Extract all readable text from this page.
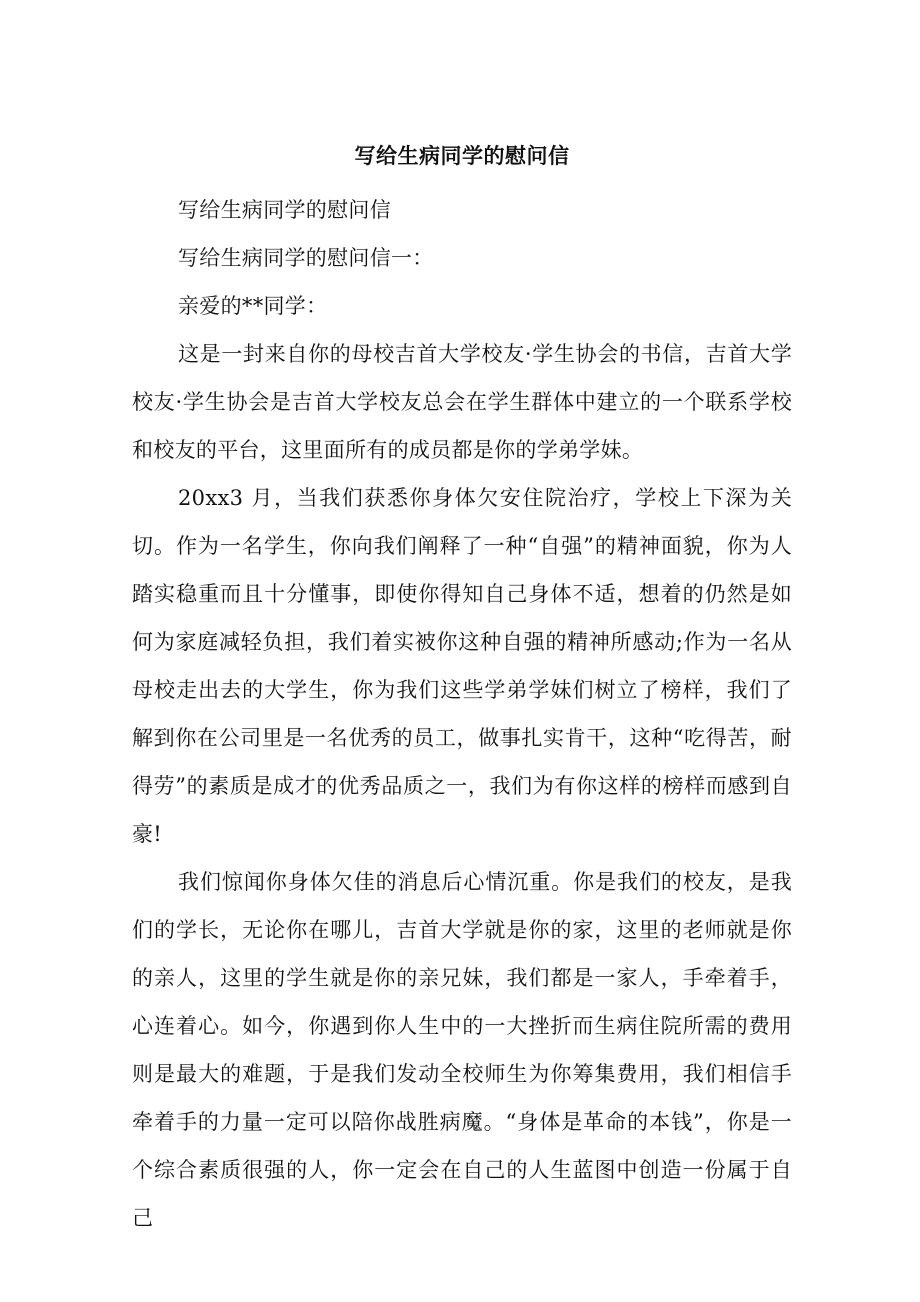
写给生病同学的慰问信

写给生病同学的慰问信

写给生病同学的慰问信一：

亲爱的**同学：

这是一封来自你的母校吉首大学校友·学生协会的书信，吉首大学校友·学生协会是吉首大学校友总会在学生群体中建立的一个联系学校和校友的平台，这里面所有的成员都是你的学弟学妹。

20xx3 月，当我们获悉你身体欠安住院治疗，学校上下深为关切。作为一名学生，你向我们阐释了一种“自强”的精神面貌，你为人踏实稳重而且十分懂事，即使你得知自己身体不适，想着的仍然是如何为家庭减轻负担，我们着实被你这种自强的精神所感动;作为一名从母校走出去的大学生，你为我们这些学弟学妹们树立了榜样，我们了解到你在公司里是一名优秀的员工，做事扎实肯干，这种“吃得苦，耐得劳”的素质是成才的优秀品质之一，我们为有你这样的榜样而感到自豪!

我们惊闻你身体欠佳的消息后心情沉重。你是我们的校友，是我们的学长，无论你在哪儿，吉首大学就是你的家，这里的老师就是你的亲人，这里的学生就是你的亲兄妹，我们都是一家人，手牵着手，心连着心。如今，你遇到你人生中的一大挫折而生病住院所需的费用则是最大的难题，于是我们发动全校师生为你筹集费用，我们相信手牵着手的力量一定可以陪你战胜病魔。“身体是革命的本钱”，你是一个综合素质很强的人，你一定会在自己的人生蓝图中创造一份属于自己
